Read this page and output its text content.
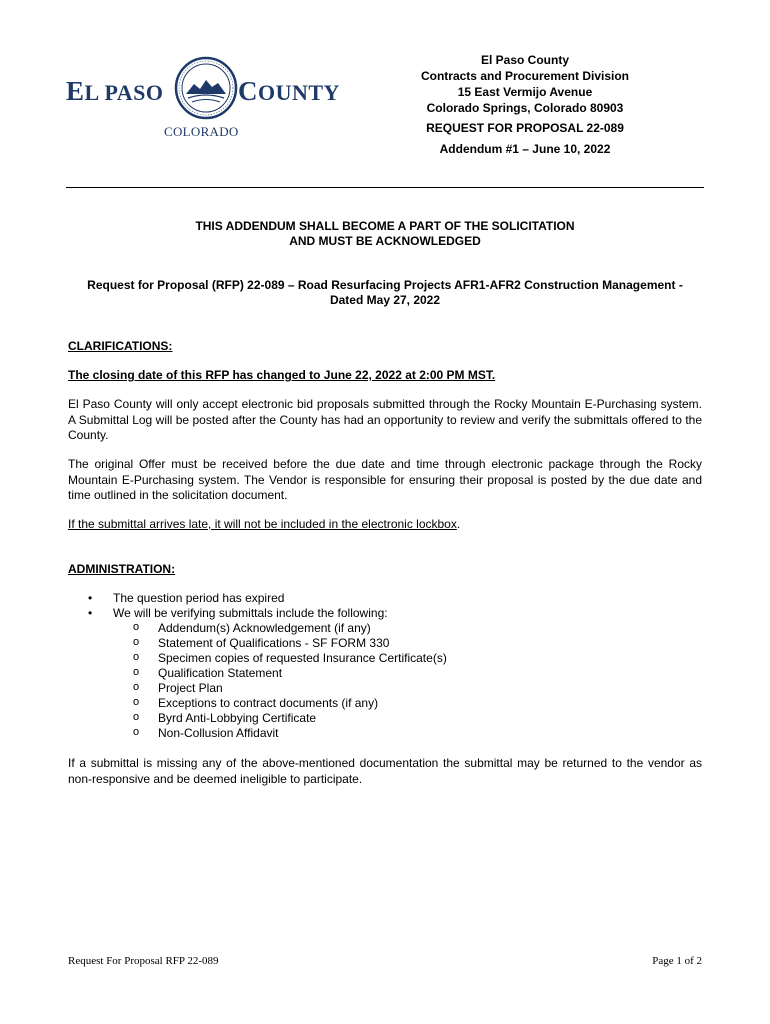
EL PASO	COUNTY
COLORADO
El Paso County
Contracts and Procurement Division
15 East Vermijo Avenue
Colorado Springs, Colorado 80903
REQUEST FOR PROPOSAL 22-089
Addendum #1 – June 10, 2022
THIS ADDENDUM SHALL BECOME A PART OF THE SOLICITATION
AND MUST BE ACKNOWLEDGED
Request for Proposal (RFP) 22-089 – Road Resurfacing Projects AFR1-AFR2 Construction Management -
Dated May 27, 2022
CLARIFICATIONS:
The closing date of this RFP has changed to June 22, 2022 at 2:00 PM MST.
El Paso County will only accept electronic bid proposals submitted through the Rocky Mountain E-Purchasing system. A Submittal Log will be posted after the County has had an opportunity to review and verify the submittals offered to the County.
The original Offer must be received before the due date and time through electronic package through the Rocky Mountain E-Purchasing system. The Vendor is responsible for ensuring their proposal is posted by the due date and time outlined in the solicitation document.
If the submittal arrives late, it will not be included in the electronic lockbox.
ADMINISTRATION:
• The question period has expired
• We will be verifying submittals include the following:
o Addendum(s) Acknowledgement (if any)
o Statement of Qualifications - SF FORM 330
o Specimen copies of requested Insurance Certificate(s)
o Qualification Statement
o Project Plan
o Exceptions to contract documents (if any)
o Byrd Anti-Lobbying Certificate
o Non-Collusion Affidavit
If a submittal is missing any of the above-mentioned documentation the submittal may be returned to the vendor as non-responsive and be deemed ineligible to participate.
Request For Proposal RFP 22-089	Page 1 of 2
